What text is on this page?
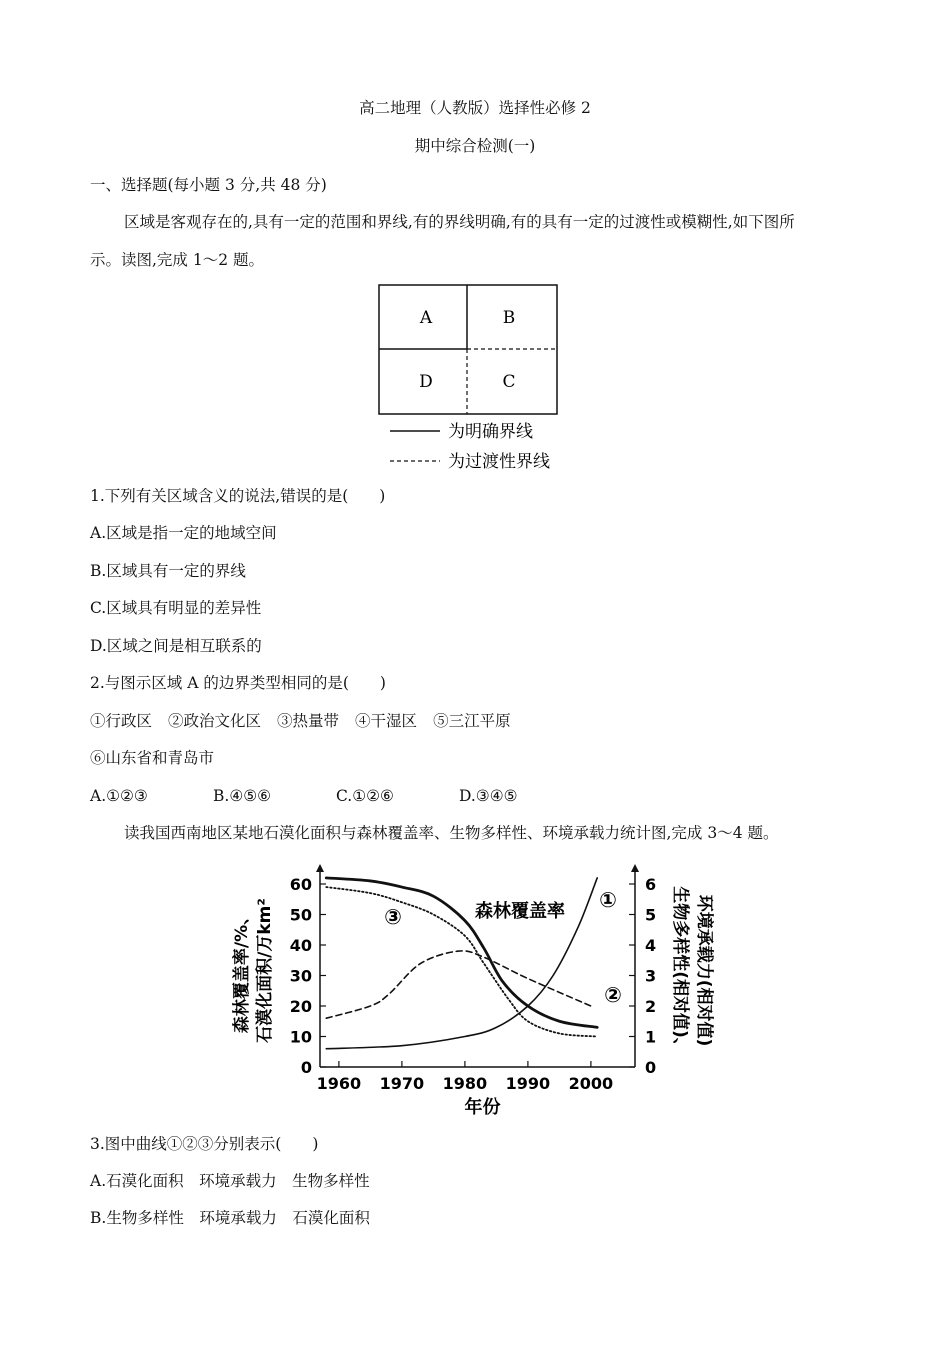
高二地理（人教版）选择性必修 2
期中综合检测(一)
一、选择题(每小题 3 分,共 48 分)
区域是客观存在的,具有一定的范围和界线,有的界线明确,有的具有一定的过渡性或模糊性,如下图所
示。读图,完成 1～2 题。
A	B
D	C
为明确界线
为过渡性界线
1.下列有关区域含义的说法,错误的是(　　)
A.区域是指一定的地域空间
B.区域具有一定的界线
C.区域具有明显的差异性
D.区域之间是相互联系的
2.与图示区域 A 的边界类型相同的是(　　)
①行政区 ②政治文化区 ③热量带 ④干湿区 ⑤三江平原
⑥山东省和青岛市
A.①②③	B.④⑤⑥	C.①②⑥	D.③④⑤
读我国西南地区某地石漠化面积与森林覆盖率、生物多样性、环境承载力统计图,完成 3～4 题。
0
10
20
30
40
50
60
0
1
2
3
4
5
6
1960 1970 1980 1990 2000
年份
森林覆盖率/%、 石漠化面积/万km²	生物多样性(相对值)、 环境承载力(相对值)
森林覆盖率 ①
②
③
3.图中曲线①②③分别表示(　　)
A.石漠化面积　环境承载力　生物多样性
B.生物多样性　环境承载力　石漠化面积
